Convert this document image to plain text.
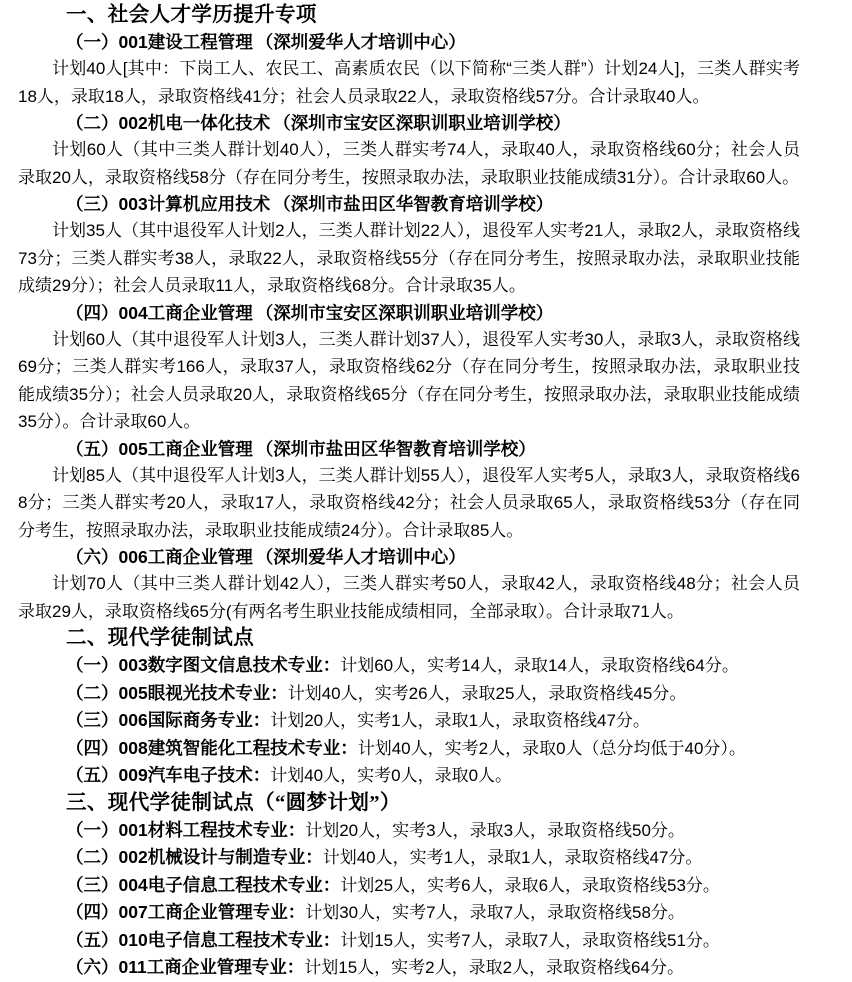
一、社会人才学历提升专项
（一）001建设工程管理 （深圳爱华人才培训中心）

计划40人[其中：下岗工人、农民工、高素质农民（以下简称“三类人群”）计划24人]，三类人群实考18人，录取18人，录取资格线41分；社会人员录取22人，录取资格线57分。合计录取40人。

（二）002机电一体化技术 （深圳市宝安区深职训职业培训学校）

计划60人（其中三类人群计划40人），三类人群实考74人，录取40人，录取资格线60分；社会人员录取20人，录取资格线58分（存在同分考生，按照录取办法，录取职业技能成绩31分）。合计录取60人。

（三）003计算机应用技术 （深圳市盐田区华智教育培训学校）

计划35人（其中退役军人计划2人，三类人群计划22人），退役军人实考21人，录取2人，录取资格线73分；三类人群实考38人，录取22人，录取资格线55分（存在同分考生，按照录取办法，录取职业技能成绩29分）；社会人员录取11人，录取资格线68分。合计录取35人。

（四）004工商企业管理 （深圳市宝安区深职训职业培训学校）

计划60人（其中退役军人计划3人，三类人群计划37人），退役军人实考30人，录取3人，录取资格线69分；三类人群实考166人，录取37人，录取资格线62分（存在同分考生，按照录取办法，录取职业技能成绩35分）；社会人员录取20人，录取资格线65分（存在同分考生，按照录取办法，录取职业技能成绩35分）。合计录取60人。

（五）005工商企业管理 （深圳市盐田区华智教育培训学校）

计划85人（其中退役军人计划3人，三类人群计划55人），退役军人实考5人，录取3人，录取资格线68分；三类人群实考20人，录取17人，录取资格线42分；社会人员录取65人，录取资格线53分（存在同分考生，按照录取办法，录取职业技能成绩24分）。合计录取85人。

（六）006工商企业管理 （深圳爱华人才培训中心）

计划70人（其中三类人群计划42人），三类人群实考50人，录取42人，录取资格线48分；社会人员录取29人，录取资格线65分(有两名考生职业技能成绩相同，全部录取）。合计录取71人。

二、现代学徒制试点

（一）003数字图文信息技术专业：计划60人，实考14人，录取14人，录取资格线64分。

（二）005眼视光技术专业：计划40人，实考26人，录取25人，录取资格线45分。

（三）006国际商务专业：计划20人，实考1人，录取1人，录取资格线47分。

（四）008建筑智能化工程技术专业：计划40人，实考2人，录取0人（总分均低于40分）。

（五）009汽车电子技术：计划40人，实考0人，录取0人。

三、现代学徒制试点（“圆梦计划”）

（一）001材料工程技术专业：计划20人，实考3人，录取3人，录取资格线50分。

（二）002机械设计与制造专业：计划40人，实考1人，录取1人，录取资格线47分。

（三）004电子信息工程技术专业：计划25人，实考6人，录取6人，录取资格线53分。

（四）007工商企业管理专业：计划30人，实考7人，录取7人，录取资格线58分。

（五）010电子信息工程技术专业：计划15人，实考7人，录取7人，录取资格线51分。

（六）011工商企业管理专业：计划15人，实考2人，录取2人，录取资格线64分。
